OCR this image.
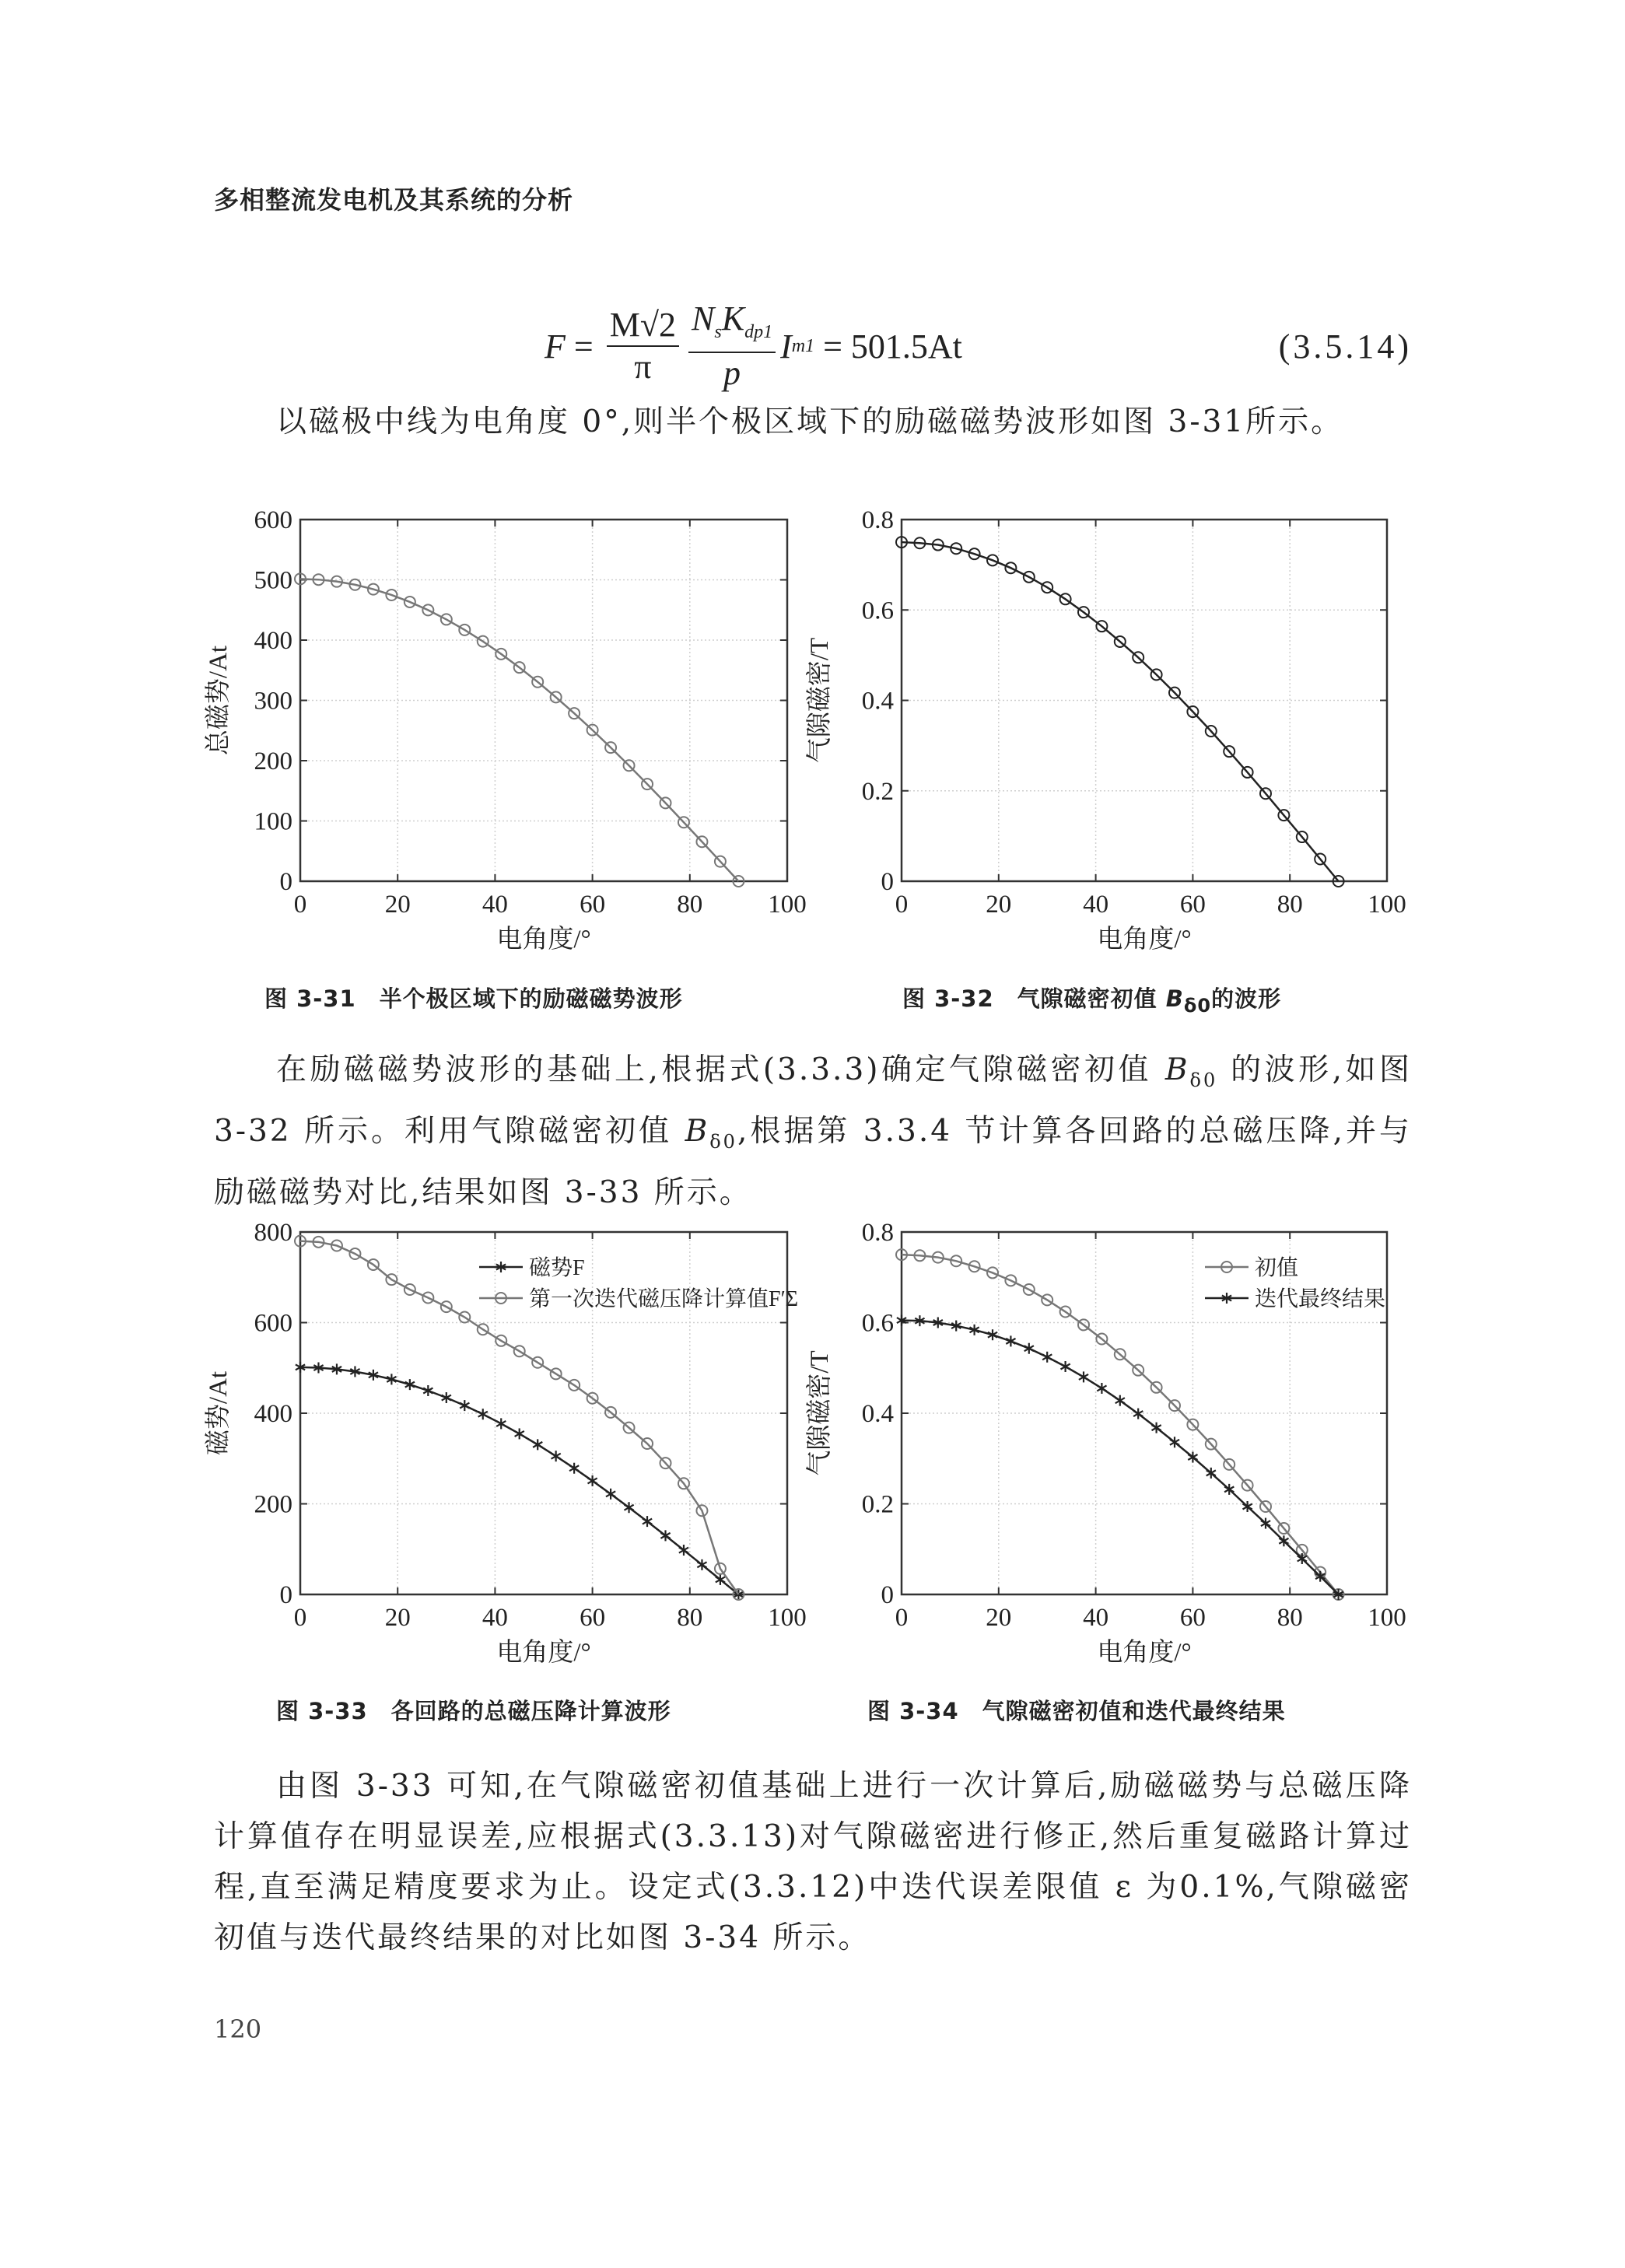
多相整流发电机及其系统的分析
$F = \frac{M√2}{\pi} \frac{N_sK_{dp1}}{p}$ I m1
= 501.5At	(3.5.14)

以磁极中线为电角度 0°,则半个极区域下的励磁磁势波形如图 3-31所示。

在励磁磁势波形的基础上,根据式(3.3.3)确定气隙磁密初值 $B_{\delta 0}$ 的波形,如图 3-32 所示。利用气隙磁密初值 $B_{\delta 0}$,根据第 3.3.4 节计算各回路的总磁压降,并与励磁磁势对比,结果如图 3-33 所示。

由图 3-33 可知,在气隙磁密初值基础上进行一次计算后,励磁磁势与总磁压降计算值存在明显误差,应根据式(3.3.13)对气隙磁密进行修正,然后重复磁路计算过程,直至满足精度要求为止。设定式(3.3.12)中迭代误差限值 ε 为0.1%,气隙磁密初值与迭代最终结果的对比如图 3-34 所示。

图 3-31　半个极区域下的励磁磁势波形	图 3-32　气隙磁密初值 $B_{\delta 0}$的波形
图 3-33　各回路的总磁压降计算波形	图 3-34　气隙磁密初值和迭代最终结果
120
0	20	40	60	80	100
0
100
200
300
400
500
600
电角度/°
总磁势/At
0	20	40	60	80	100
0
0.2
0.4
0.6
0.8
电角度/°
气隙磁密/T
0	20	40	60	80	100
0
200
400
600
800
电角度/°
磁势/At
磁势F
第一次迭代磁压降计算值F′Σ
0	20	40	60	80	100
0
0.2
0.4
0.6
0.8
电角度/°
气隙磁密/T
初值
迭代最终结果
